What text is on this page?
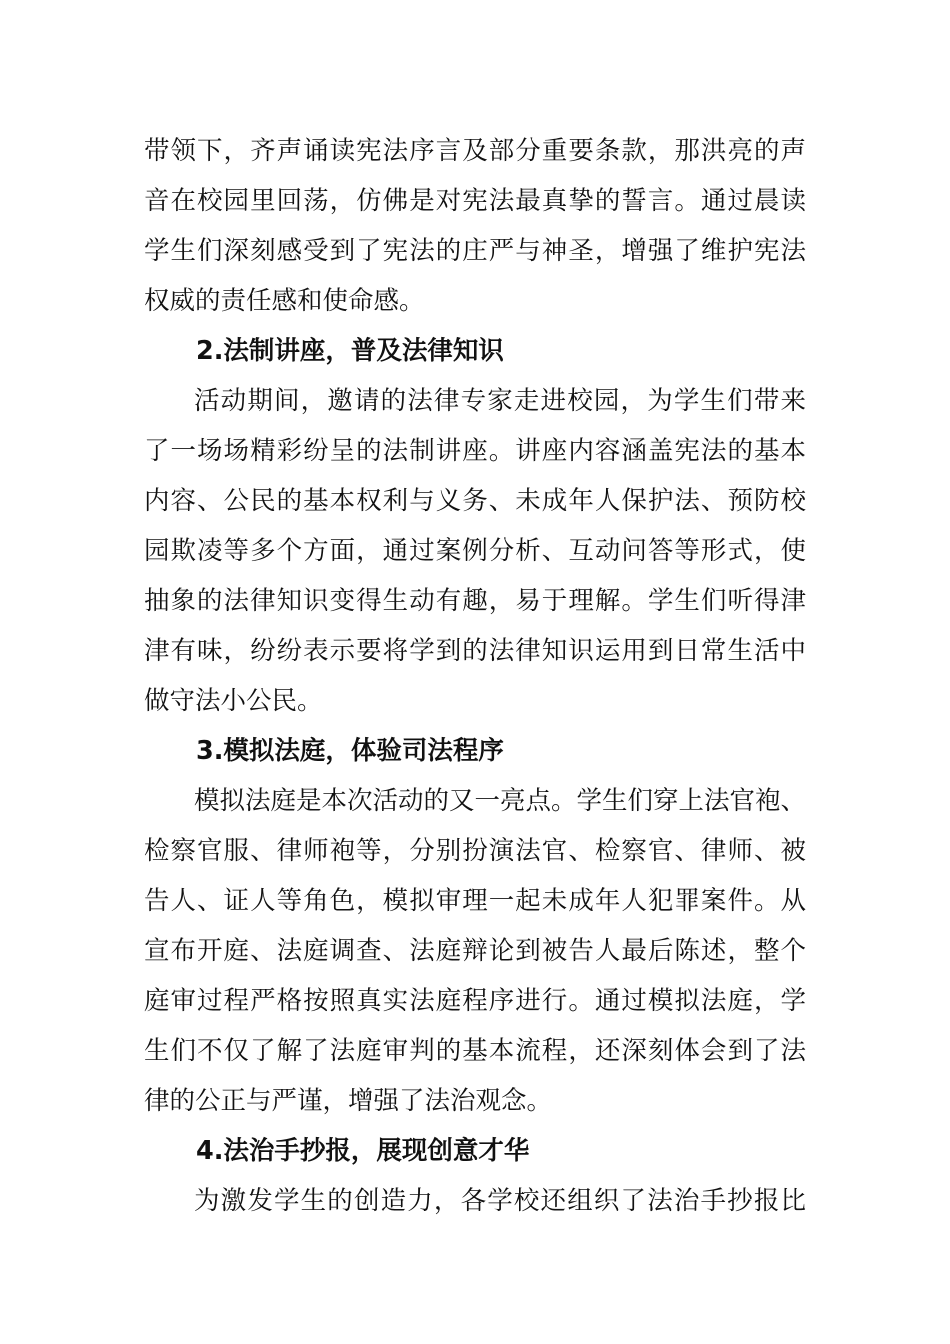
带领下，齐声诵读宪法序言及部分重要条款，那洪亮的声
音在校园里回荡，仿佛是对宪法最真挚的誓言。通过晨读
学生们深刻感受到了宪法的庄严与神圣，增强了维护宪法
权威的责任感和使命感。
2.法制讲座，普及法律知识
活动期间，邀请的法律专家走进校园，为学生们带来
了一场场精彩纷呈的法制讲座。讲座内容涵盖宪法的基本
内容、公民的基本权利与义务、未成年人保护法、预防校
园欺凌等多个方面，通过案例分析、互动问答等形式，使
抽象的法律知识变得生动有趣，易于理解。学生们听得津
津有味，纷纷表示要将学到的法律知识运用到日常生活中
做守法小公民。
3.模拟法庭，体验司法程序
模拟法庭是本次活动的又一亮点。学生们穿上法官袍、
检察官服、律师袍等，分别扮演法官、检察官、律师、被
告人、证人等角色，模拟审理一起未成年人犯罪案件。从
宣布开庭、法庭调查、法庭辩论到被告人最后陈述，整个
庭审过程严格按照真实法庭程序进行。通过模拟法庭，学
生们不仅了解了法庭审判的基本流程，还深刻体会到了法
律的公正与严谨，增强了法治观念。
4.法治手抄报，展现创意才华
为激发学生的创造力，各学校还组织了法治手抄报比
